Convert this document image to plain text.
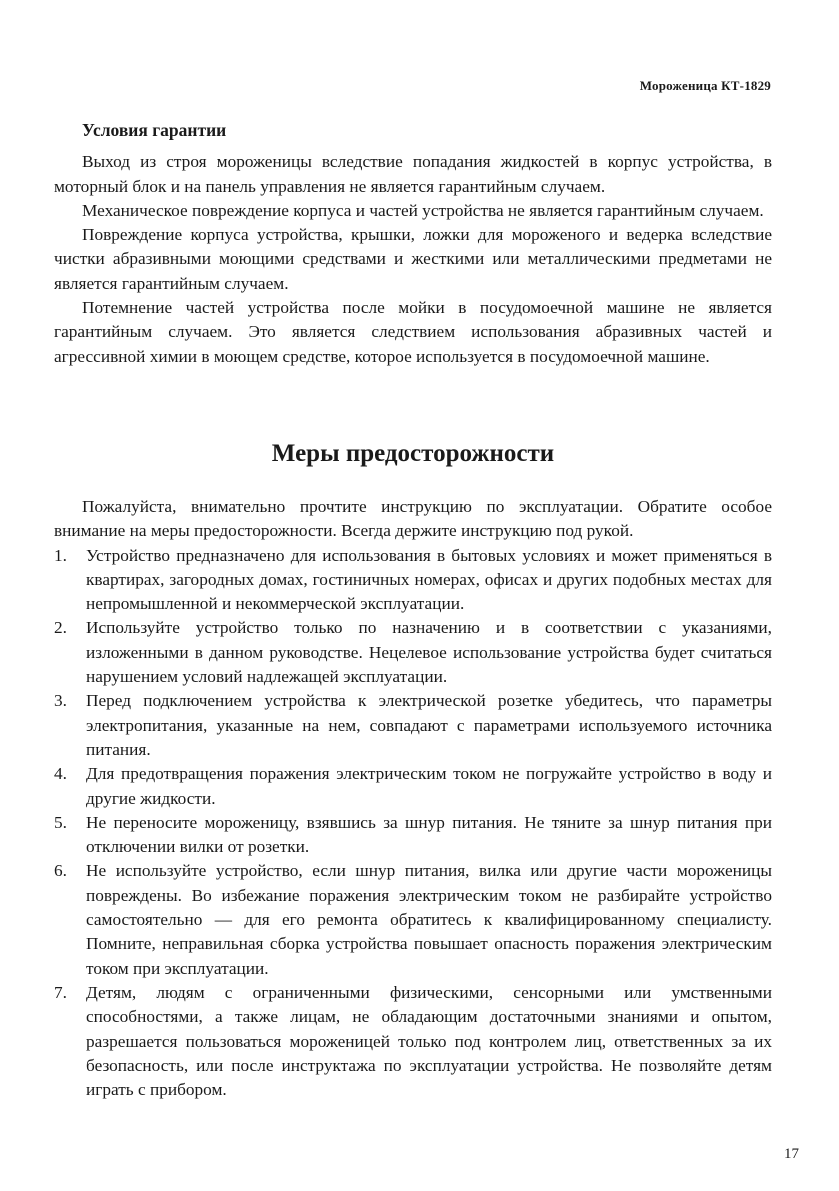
Мороженица КТ-1829
Условия гарантии

Выход из строя мороженицы вследствие попадания жидкостей в корпус устройства, в моторный блок и на панель управления не является гарантийным случаем.

Механическое повреждение корпуса и частей устройства не является гарантийным случаем.

Повреждение корпуса устройства, крышки, ложки для мороженого и ведерка вследствие чистки абразивными моющими средствами и жесткими или металлическими предметами не является гарантийным случаем.

Потемнение частей устройства после мойки в посудомоечной машине не является гарантийным случаем. Это является следствием использования абразивных частей и агрессивной химии в моющем средстве, которое используется в посудомоечной машине.

Меры предосторожности

Пожалуйста, внимательно прочтите инструкцию по эксплуатации. Обратите особое внимание на меры предосторожности. Всегда держите инструкцию под рукой.

1. Устройство предназначено для использования в бытовых условиях и может применяться в квартирах, загородных домах, гостиничных номерах, офисах и других подобных местах для непромышленной и некоммерческой эксплуатации.
2. Используйте устройство только по назначению и в соответствии с указаниями, изложенными в данном руководстве. Нецелевое использование устройства будет считаться нарушением условий надлежащей эксплуатации.
3. Перед подключением устройства к электрической розетке убедитесь, что параметры электропитания, указанные на нем, совпадают с параметрами используемого источника питания.
4. Для предотвращения поражения электрическим током не погружайте устройство в воду и другие жидкости.
5. Не переносите мороженицу, взявшись за шнур питания. Не тяните за шнур питания при отключении вилки от розетки.
6. Не используйте устройство, если шнур питания, вилка или другие части мороженицы повреждены. Во избежание поражения электрическим током не разбирайте устройство самостоятельно — для его ремонта обратитесь к квалифицированному специалисту. Помните, неправильная сборка устройства повышает опасность поражения электрическим током при эксплуатации.
7. Детям, людям с ограниченными физическими, сенсорными или умственными способностями, а также лицам, не обладающим достаточными знаниями и опытом, разрешается пользоваться мороженицей только под контролем лиц, ответственных за их безопасность, или после инструктажа по эксплуатации устройства. Не позволяйте детям играть с прибором.
17
